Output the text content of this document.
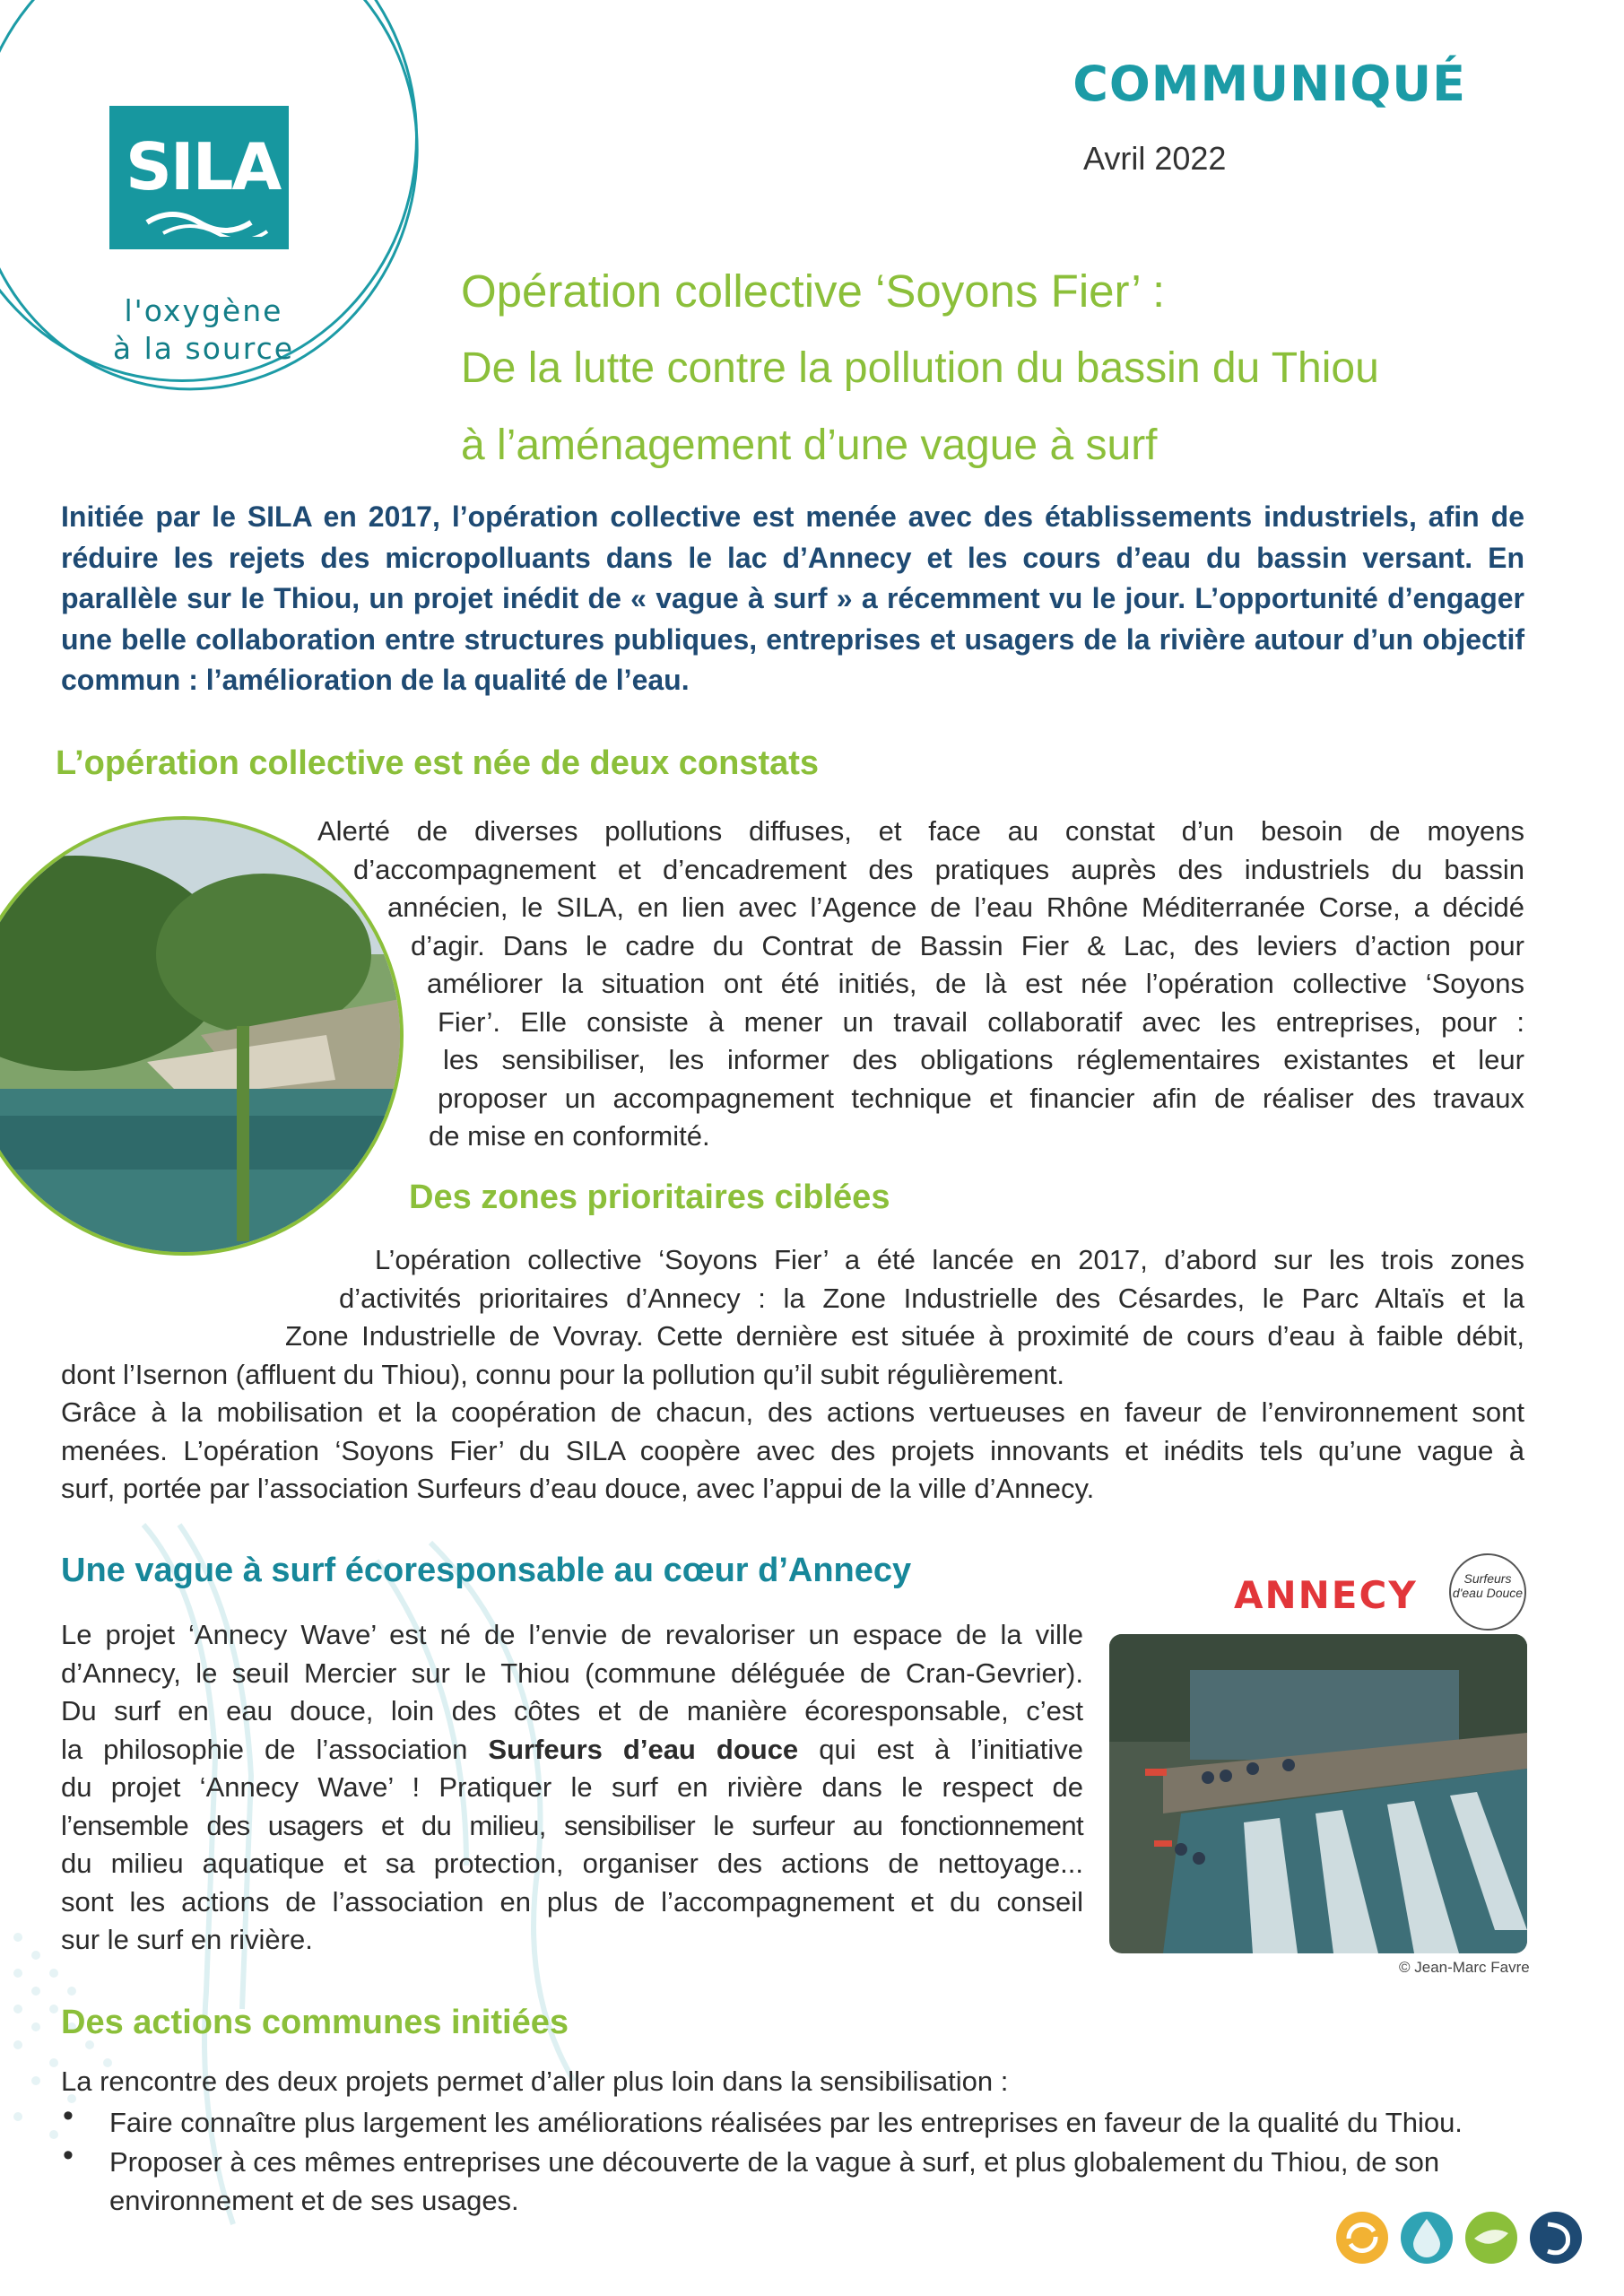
SILA
l'oxygène
à la source
COMMUNIQUÉ
Avril 2022
Opération collective ‘Soyons Fier’ :
De la lutte contre la pollution du bassin du Thiou
à l’aménagement d’une vague à surf
Initiée par le SILA en 2017, l’opération collective est menée avec des établissements industriels, afin de réduire les rejets des micropolluants dans le lac d’Annecy et les cours d’eau du bassin versant. En parallèle sur le Thiou, un projet inédit de « vague à surf » a récemment vu le jour. L’opportunité d’engager une belle collaboration entre structures publiques, entreprises et usagers de la rivière autour d’un objectif commun : l’amélioration de la qualité de l’eau.
L’opération collective est née de deux constats
Alerté de diverses pollutions diffuses, et face au constat d’un besoin de moyens
d’accompagnement et d’encadrement des pratiques auprès des industriels du bassin
annécien, le SILA, en lien avec l’Agence de l’eau Rhône Méditerranée Corse, a décidé
d’agir. Dans le cadre du Contrat de Bassin Fier & Lac, des leviers d’action pour
améliorer la situation ont été initiés, de là est née l’opération collective ‘Soyons
Fier’. Elle consiste à mener un travail collaboratif avec les entreprises, pour :
les sensibiliser, les informer des obligations réglementaires existantes et leur
proposer un accompagnement technique et financier afin de réaliser des travaux
de mise en conformité.
Des zones prioritaires ciblées
L’opération collective ‘Soyons Fier’ a été lancée en 2017, d’abord sur les trois zones
d’activités prioritaires d’Annecy : la Zone Industrielle des Césardes, le Parc Altaïs et la
Zone Industrielle de Vovray. Cette dernière est située à proximité de cours d’eau à faible débit,
dont l’Isernon (affluent du Thiou), connu pour la pollution qu’il subit régulièrement.
Grâce à la mobilisation et la coopération de chacun, des actions vertueuses en faveur de l’environnement sont
menées. L’opération ‘Soyons Fier’ du SILA coopère avec des projets innovants et inédits tels qu’une vague à
surf, portée par l’association Surfeurs d’eau douce, avec l’appui de la ville d’Annecy.
Une vague à surf écoresponsable au cœur d’Annecy
ANNECY	Surfeurs d'eau Douce
Le projet ‘Annecy Wave’ est né de l’envie de revaloriser un espace de la ville
d’Annecy, le seuil Mercier sur le Thiou (commune déléguée de Cran-Gevrier).
Du surf en eau douce, loin des côtes et de manière écoresponsable, c’est
la philosophie de l’association Surfeurs d’eau douce qui est à l’initiative
du projet ‘Annecy Wave’ ! Pratiquer le surf en rivière dans le respect de
l’ensemble des usagers et du milieu, sensibiliser le surfeur au fonctionnement
du milieu aquatique et sa protection, organiser des actions de nettoyage...
sont les actions de l’association en plus de l’accompagnement et du conseil
sur le surf en rivière.
© Jean-Marc Favre
Des actions communes initiées
La rencontre des deux projets permet d’aller plus loin dans la sensibilisation :
• Faire connaître plus largement les améliorations réalisées par les entreprises en faveur de la qualité du Thiou.
• Proposer à ces mêmes entreprises une découverte de la vague à surf, et plus globalement du Thiou, de son
environnement et de ses usages.
